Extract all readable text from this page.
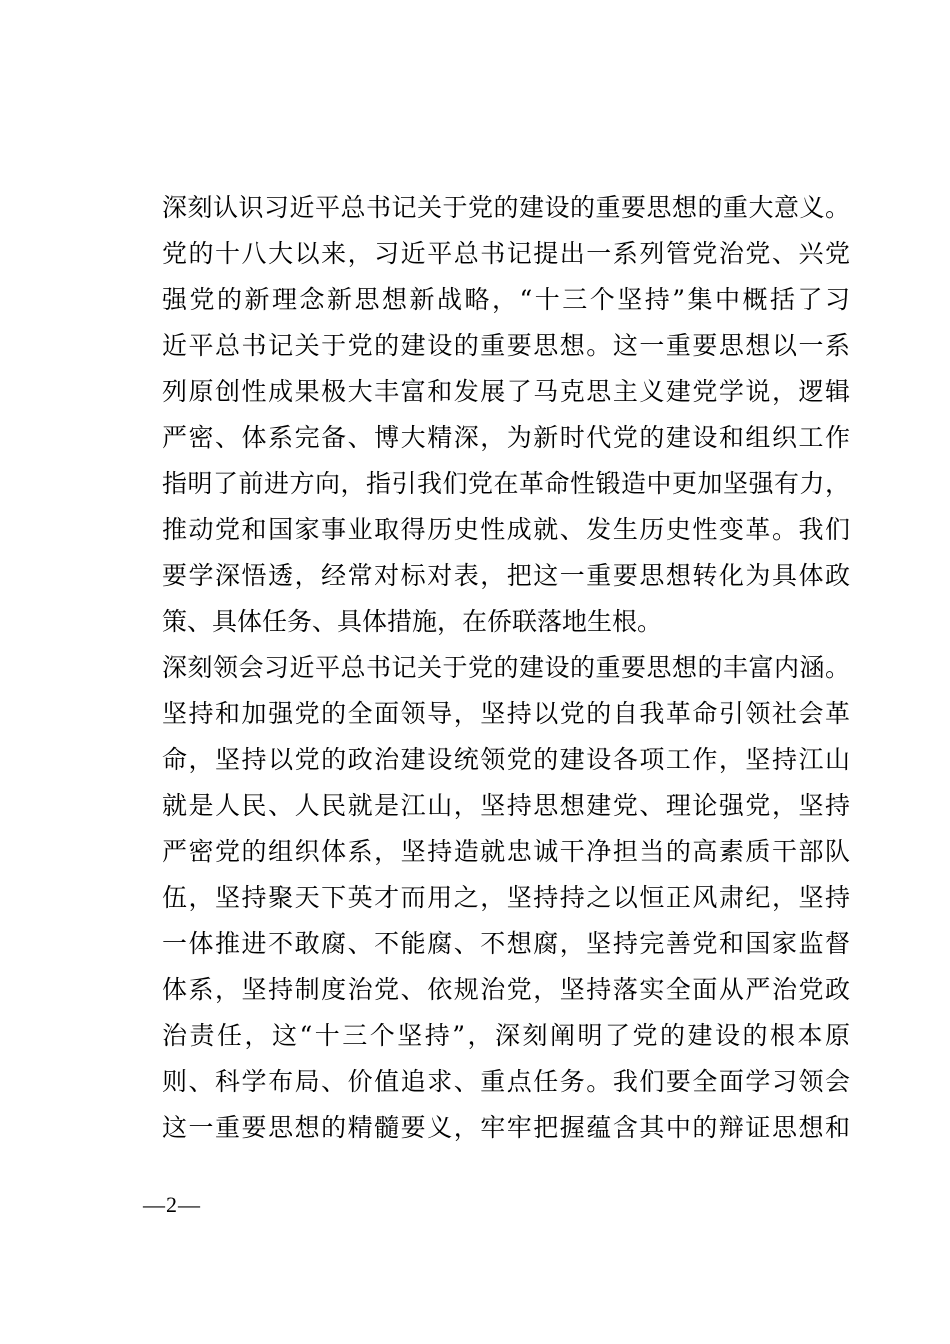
深刻认识习近平总书记关于党的建设的重要思想的重大意义。
党的十八大以来，习近平总书记提出一系列管党治党、兴党
强党的新理念新思想新战略，“十三个坚持”集中概括了习
近平总书记关于党的建设的重要思想。这一重要思想以一系
列原创性成果极大丰富和发展了马克思主义建党学说，逻辑
严密、体系完备、博大精深，为新时代党的建设和组织工作
指明了前进方向，指引我们党在革命性锻造中更加坚强有力，
推动党和国家事业取得历史性成就、发生历史性变革。我们
要学深悟透，经常对标对表，把这一重要思想转化为具体政
策、具体任务、具体措施，在侨联落地生根。
深刻领会习近平总书记关于党的建设的重要思想的丰富内涵。
坚持和加强党的全面领导，坚持以党的自我革命引领社会革
命，坚持以党的政治建设统领党的建设各项工作，坚持江山
就是人民、人民就是江山，坚持思想建党、理论强党，坚持
严密党的组织体系，坚持造就忠诚干净担当的高素质干部队
伍，坚持聚天下英才而用之，坚持持之以恒正风肃纪，坚持
一体推进不敢腐、不能腐、不想腐，坚持完善党和国家监督
体系，坚持制度治党、依规治党，坚持落实全面从严治党政
治责任，这“十三个坚持”，深刻阐明了党的建设的根本原
则、科学布局、价值追求、重点任务。我们要全面学习领会
这一重要思想的精髓要义，牢牢把握蕴含其中的辩证思想和
—2—
